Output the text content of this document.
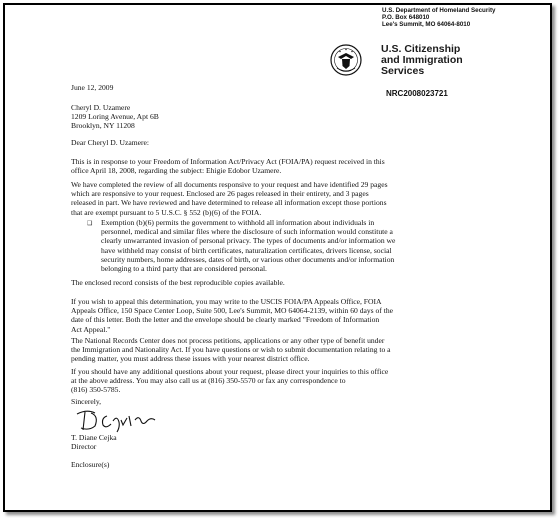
U.S. Department of Homeland Security
P.O. Box 648010
Lee's Summit, MO 64064-8010
U.S. Citizenship
and Immigration
Services
NRC2008023721
June 12, 2009
Cheryl D. Uzamere
1209 Loring Avenue, Apt 6B
Brooklyn, NY 11208
Dear Cheryl D. Uzamere:
This is in response to your Freedom of Information Act/Privacy Act (FOIA/PA) request received in this
office April 18, 2008, regarding the subject: Ehigie Edobor Uzamere.
We have completed the review of all documents responsive to your request and have identified 29 pages
which are responsive to your request. Enclosed are 26 pages released in their entirety, and 3 pages
released in part. We have reviewed and have determined to release all information except those portions
that are exempt pursuant to 5 U.S.C. § 552 (b)(6) of the FOIA.
❑ Exemption (b)(6) permits the government to withhold all information about individuals in
personnel, medical and similar files where the disclosure of such information would constitute a
clearly unwarranted invasion of personal privacy. The types of documents and/or information we
have withheld may consist of birth certificates, naturalization certificates, drivers license, social
security numbers, home addresses, dates of birth, or various other documents and/or information
belonging to a third party that are considered personal.
The enclosed record consists of the best reproducible copies available.
If you wish to appeal this determination, you may write to the USCIS FOIA/PA Appeals Office, FOIA
Appeals Office, 150 Space Center Loop, Suite 500, Lee's Summit, MO 64064-2139, within 60 days of the
date of this letter. Both the letter and the envelope should be clearly marked "Freedom of Information
Act Appeal."
The National Records Center does not process petitions, applications or any other type of benefit under
the Immigration and Nationality Act. If you have questions or wish to submit documentation relating to a
pending matter, you must address these issues with your nearest district office.
If you should have any additional questions about your request, please direct your inquiries to this office
at the above address. You may also call us at (816) 350-5570 or fax any correspondence to
(816) 350-5785.
Sincerely,
T. Diane Cejka
Director
Enclosure(s)
